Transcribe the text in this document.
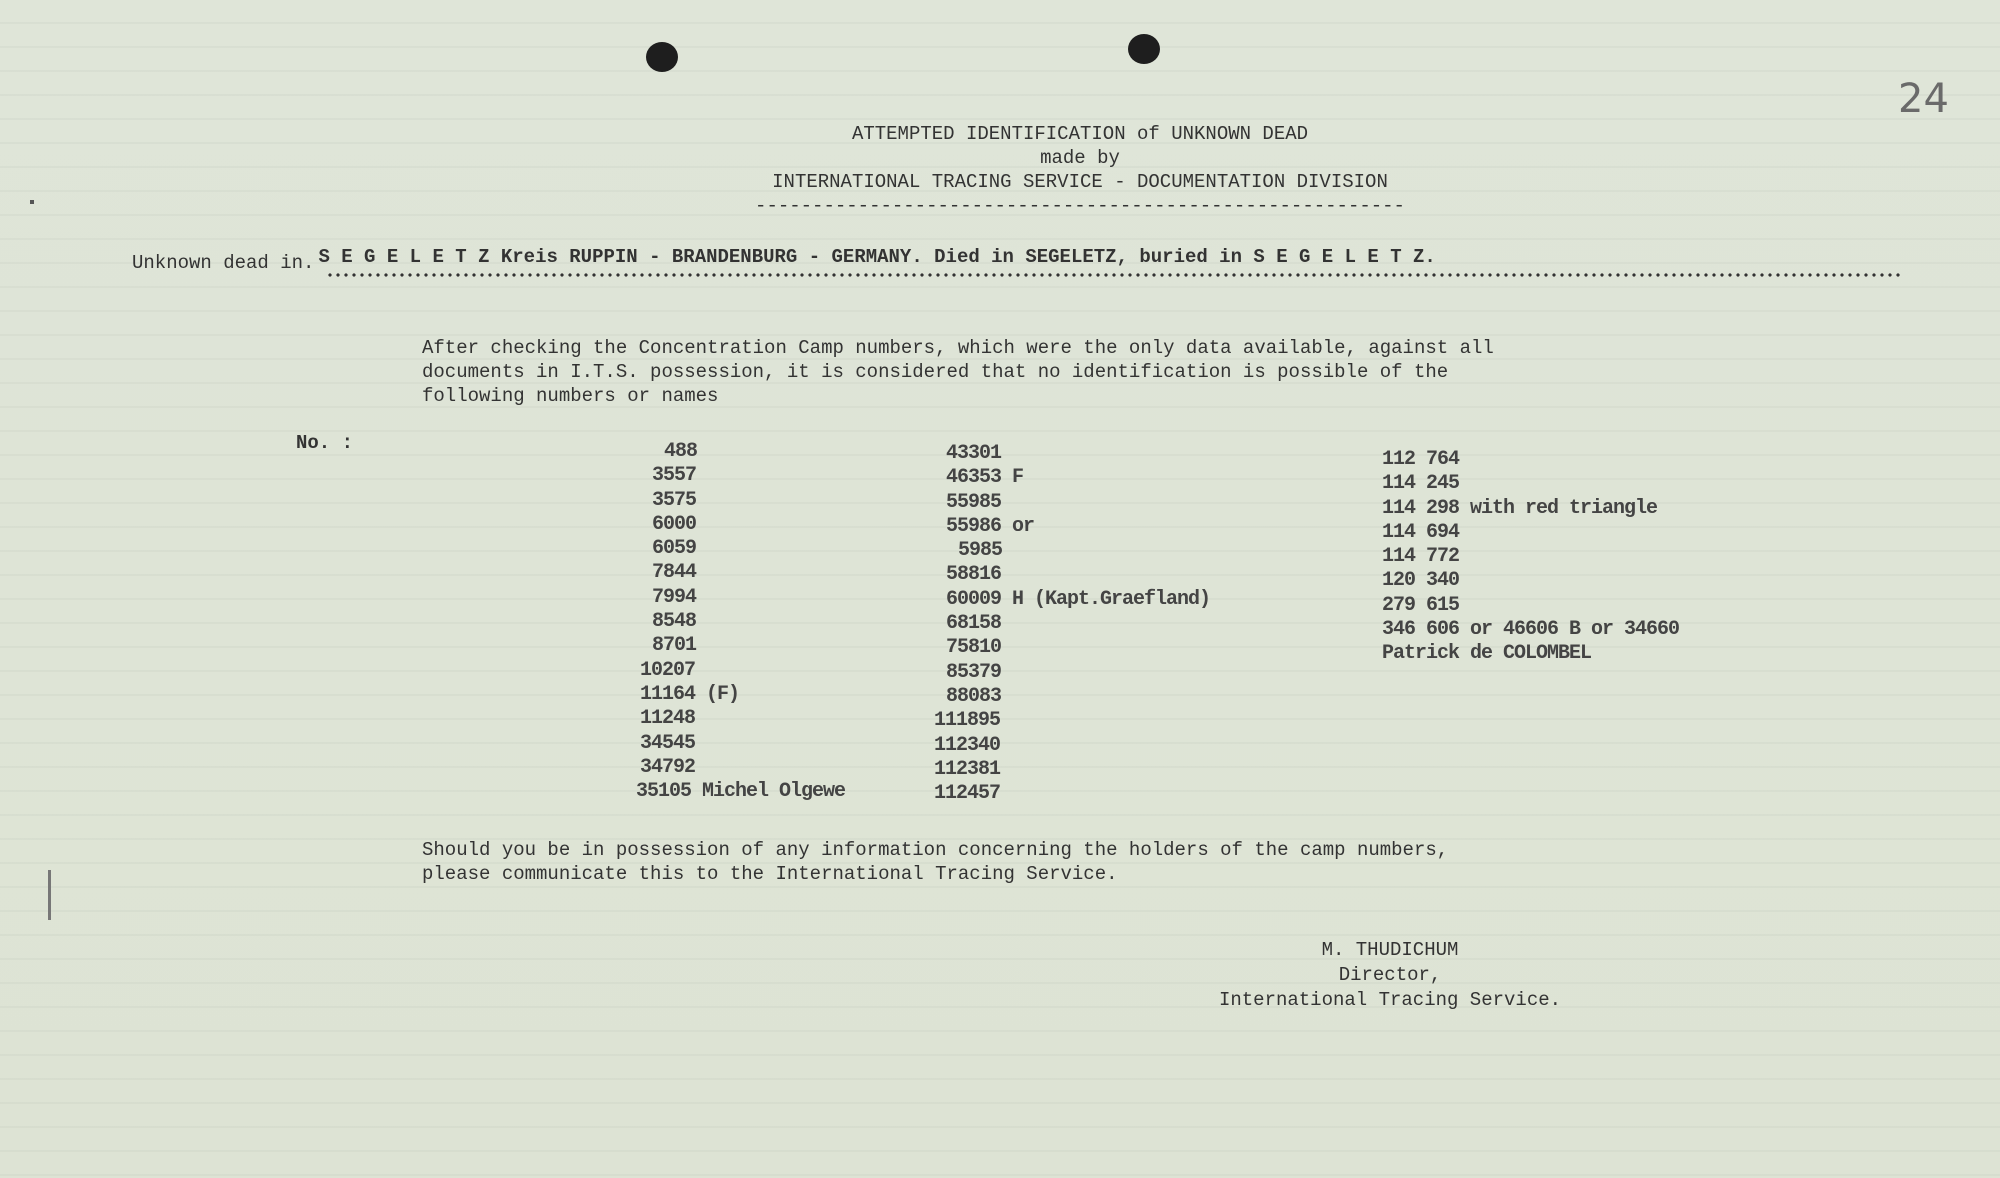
24
ATTEMPTED IDENTIFICATION of UNKNOWN DEAD
made by
INTERNATIONAL TRACING SERVICE - DOCUMENTATION DIVISION
---------------------------------------------------------
Unknown dead in. S E G E L E T Z Kreis RUPPIN - BRANDENBURG - GERMANY. Died in SEGELETZ, buried in S E G E L E T Z.
After checking the Concentration Camp numbers, which were the only data available, against all
documents in I.T.S. possession, it is considered that no identification is possible of the
following numbers or names
No. :	488
3557
3575
6000
6059
7844
7994
8548
8701
10207
11164 (F)
11248
34545
34792
35105 Michel Olgewe
43301
46353 F
55985
55986 or
5985
58816
60009 H (Kapt.Graefland)
68158
75810
85379
88083
111895
112340
112381
112457
112 764
114 245
114 298 with red triangle
114 694
114 772
120 340
279 615
346 606 or 46606 B or 34660
Patrick de COLOMBEL
Should you be in possession of any information concerning the holders of the camp numbers,
please communicate this to the International Tracing Service.
M. THUDICHUM
Director,
International Tracing Service.
